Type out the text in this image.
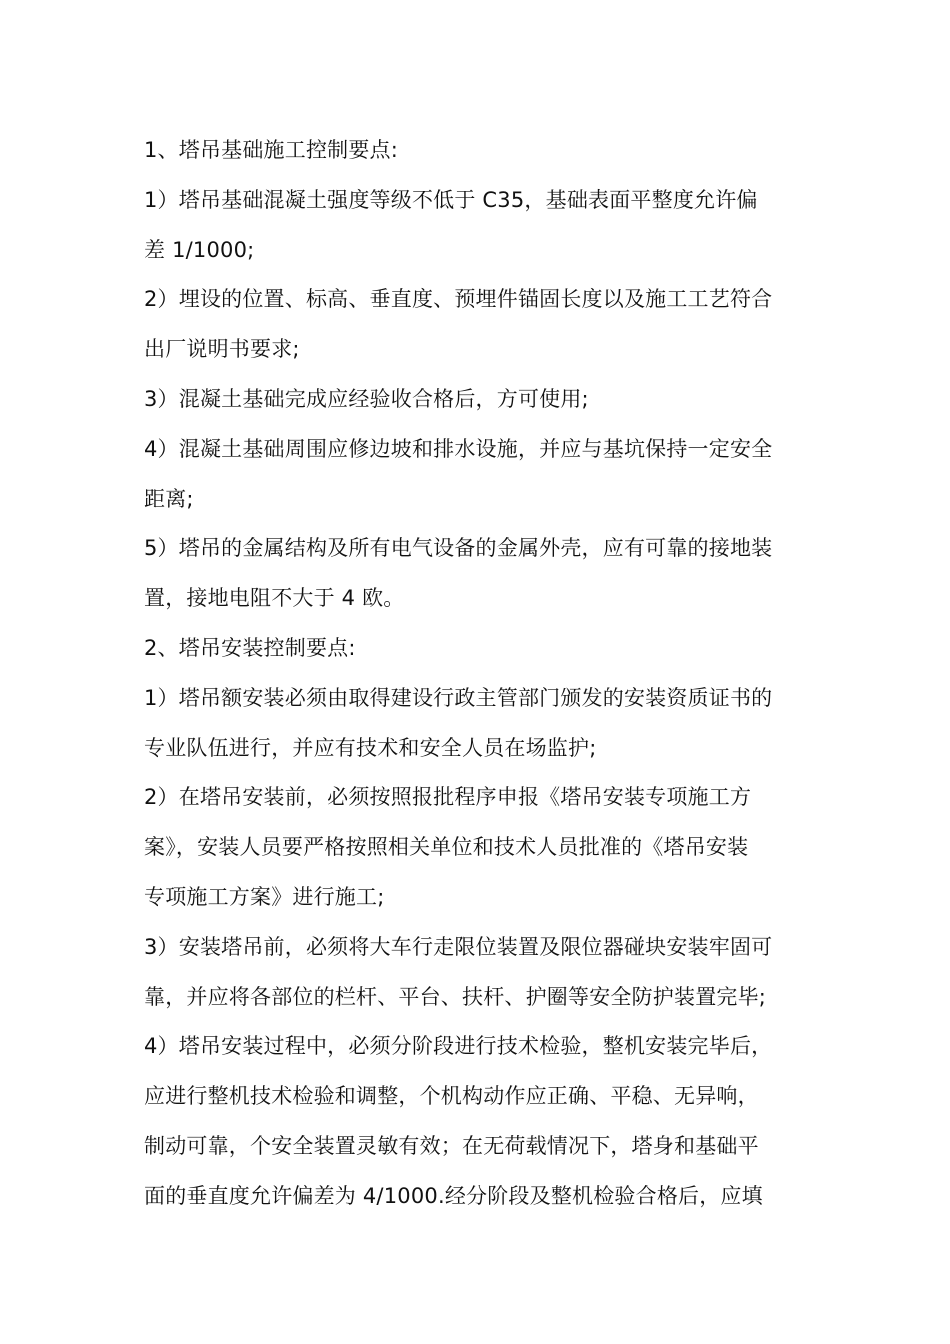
1、塔吊基础施工控制要点:
1）塔吊基础混凝土强度等级不低于 C35，基础表面平整度允许偏
差 1/1000;
2）埋设的位置、标高、垂直度、预埋件锚固长度以及施工工艺符合
出厂说明书要求;
3）混凝土基础完成应经验收合格后，方可使用;
4）混凝土基础周围应修边坡和排水设施，并应与基坑保持一定安全
距离;
5）塔吊的金属结构及所有电气设备的金属外壳，应有可靠的接地装
置，接地电阻不大于 4 欧。
2、塔吊安装控制要点:
1）塔吊额安装必须由取得建设行政主管部门颁发的安装资质证书的
专业队伍进行，并应有技术和安全人员在场监护;
2）在塔吊安装前，必须按照报批程序申报《塔吊安装专项施工方
案》，安装人员要严格按照相关单位和技术人员批准的《塔吊安装
专项施工方案》进行施工;
3）安装塔吊前，必须将大车行走限位装置及限位器碰块安装牢固可
靠，并应将各部位的栏杆、平台、扶杆、护圈等安全防护装置完毕;
4）塔吊安装过程中，必须分阶段进行技术检验，整机安装完毕后，
应进行整机技术检验和调整，个机构动作应正确、平稳、无异响，
制动可靠，个安全装置灵敏有效；在无荷载情况下，塔身和基础平
面的垂直度允许偏差为 4/1000.经分阶段及整机检验合格后，应填
